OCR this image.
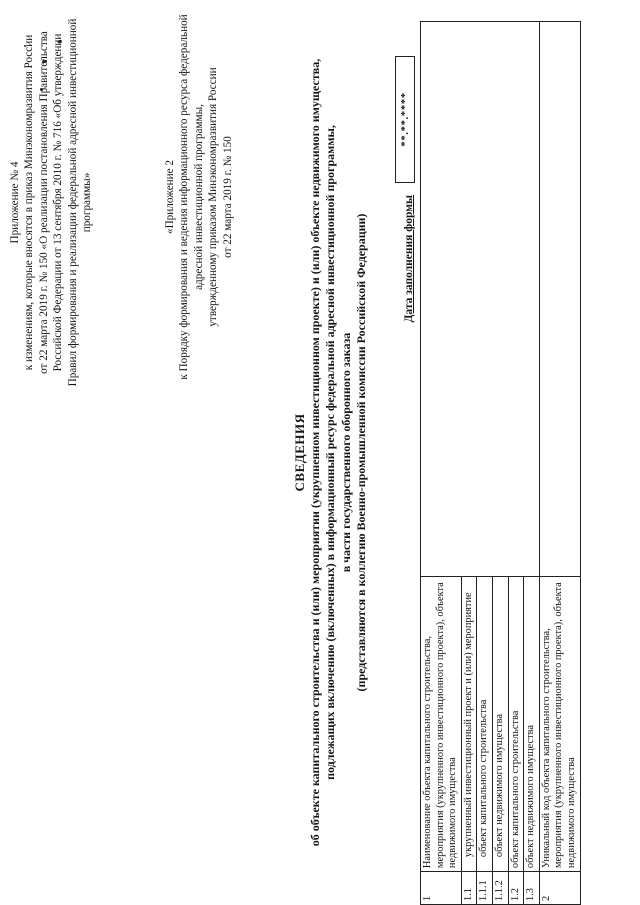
Приложение № 4 к изменениям, которые вносятся в приказ Минэкономразвития России от 22 марта 2019 г. № 150 «О реализации постановления Правительства Российской Федерации от 13 сентября 2010 г. № 716 «Об утверждении Правил формирования и реализации федеральной адресной инвестиционной программы»	«Приложение 2 к Порядку формирования и ведения информационного ресурса федеральной адресной инвестиционной программы, утвержденному приказом Минэкономразвития России от 22 марта 2019 г. № 150
СВЕДЕНИЯ об объекте капитального строительства и (или) мероприятии (укрупненном инвестиционном проекте) и (или) объекте недвижимого имущества, подлежащих включению (включенных) в информационный ресурс федеральной адресной инвестиционной программы, в части государственного оборонного заказа (представляются в коллегию Военно-промышленной комиссии Российской Федерации)	Дата заполнения формы
**.**.****
1	Наименование объекта капитального строительства, мероприятия (укрупненного инвестиционного проекта), объекта недвижимого имущества	
1.1	укрупненный инвестиционный проект и (или) мероприятие	
1.1.1	объект капитального строительства	
1.1.2	объект недвижимого имущества	
1.2	объект капитального строительства	
1.3	объект недвижимого имущества	
2	Уникальный код объекта капитального строительства, мероприятия (укрупненного инвестиционного проекта), объекта недвижимого имущества	
